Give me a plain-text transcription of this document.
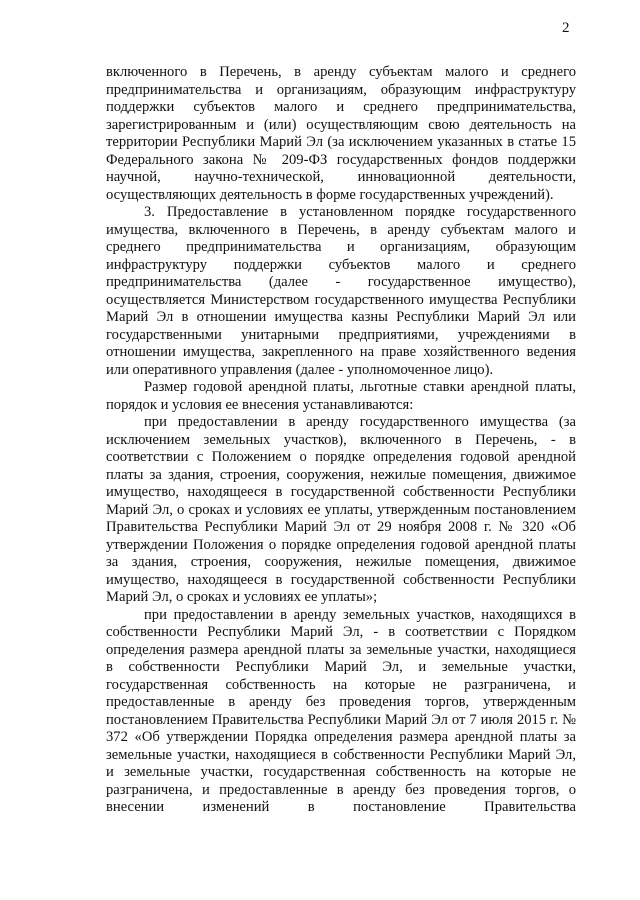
2

включенного в Перечень, в аренду субъектам малого и среднего предпринимательства и организациям, образующим инфраструктуру поддержки субъектов малого и среднего предпринимательства, зарегистрированным и (или) осуществляющим свою деятельность на территории Республики Марий Эл (за исключением указанных в статье 15 Федерального закона № 209-ФЗ государственных фондов поддержки научной, научно-технической, инновационной деятельности, осуществляющих деятельность в форме государственных учреждений).

3. Предоставление в установленном порядке государственного имущества, включенного в Перечень, в аренду субъектам малого и среднего предпринимательства и организациям, образующим инфраструктуру поддержки субъектов малого и среднего предпринимательства (далее - государственное имущество), осуществляется Министерством государственного имущества Республики Марий Эл в отношении имущества казны Республики Марий Эл или государственными унитарными предприятиями, учреждениями в отношении имущества, закрепленного на праве хозяйственного ведения или оперативного управления (далее - уполномоченное лицо).

Размер годовой арендной платы, льготные ставки арендной платы, порядок и условия ее внесения устанавливаются:

при предоставлении в аренду государственного имущества (за исключением земельных участков), включенного в Перечень, - в соответствии с Положением о порядке определения годовой арендной платы за здания, строения, сооружения, нежилые помещения, движимое имущество, находящееся в государственной собственности Республики Марий Эл, о сроках и условиях ее уплаты, утвержденным постановлением Правительства Республики Марий Эл от 29 ноября 2008 г. № 320 «Об утверждении Положения о порядке определения годовой арендной платы за здания, строения, сооружения, нежилые помещения, движимое имущество, находящееся в государственной собственности Республики Марий Эл, о сроках и условиях ее уплаты»;

при предоставлении в аренду земельных участков, находящихся в собственности Республики Марий Эл, - в соответствии с Порядком определения размера арендной платы за земельные участки, находящиеся в собственности Республики Марий Эл, и земельные участки, государственная собственность на которые не разграничена, и предоставленные в аренду без проведения торгов, утвержденным постановлением Правительства Республики Марий Эл от 7 июля 2015 г. № 372 «Об утверждении Порядка определения размера арендной платы за земельные участки, находящиеся в собственности Республики Марий Эл, и земельные участки, государственная собственность на которые не разграничена, и предоставленные в аренду без проведения торгов, о внесении изменений в постановление Правительства
